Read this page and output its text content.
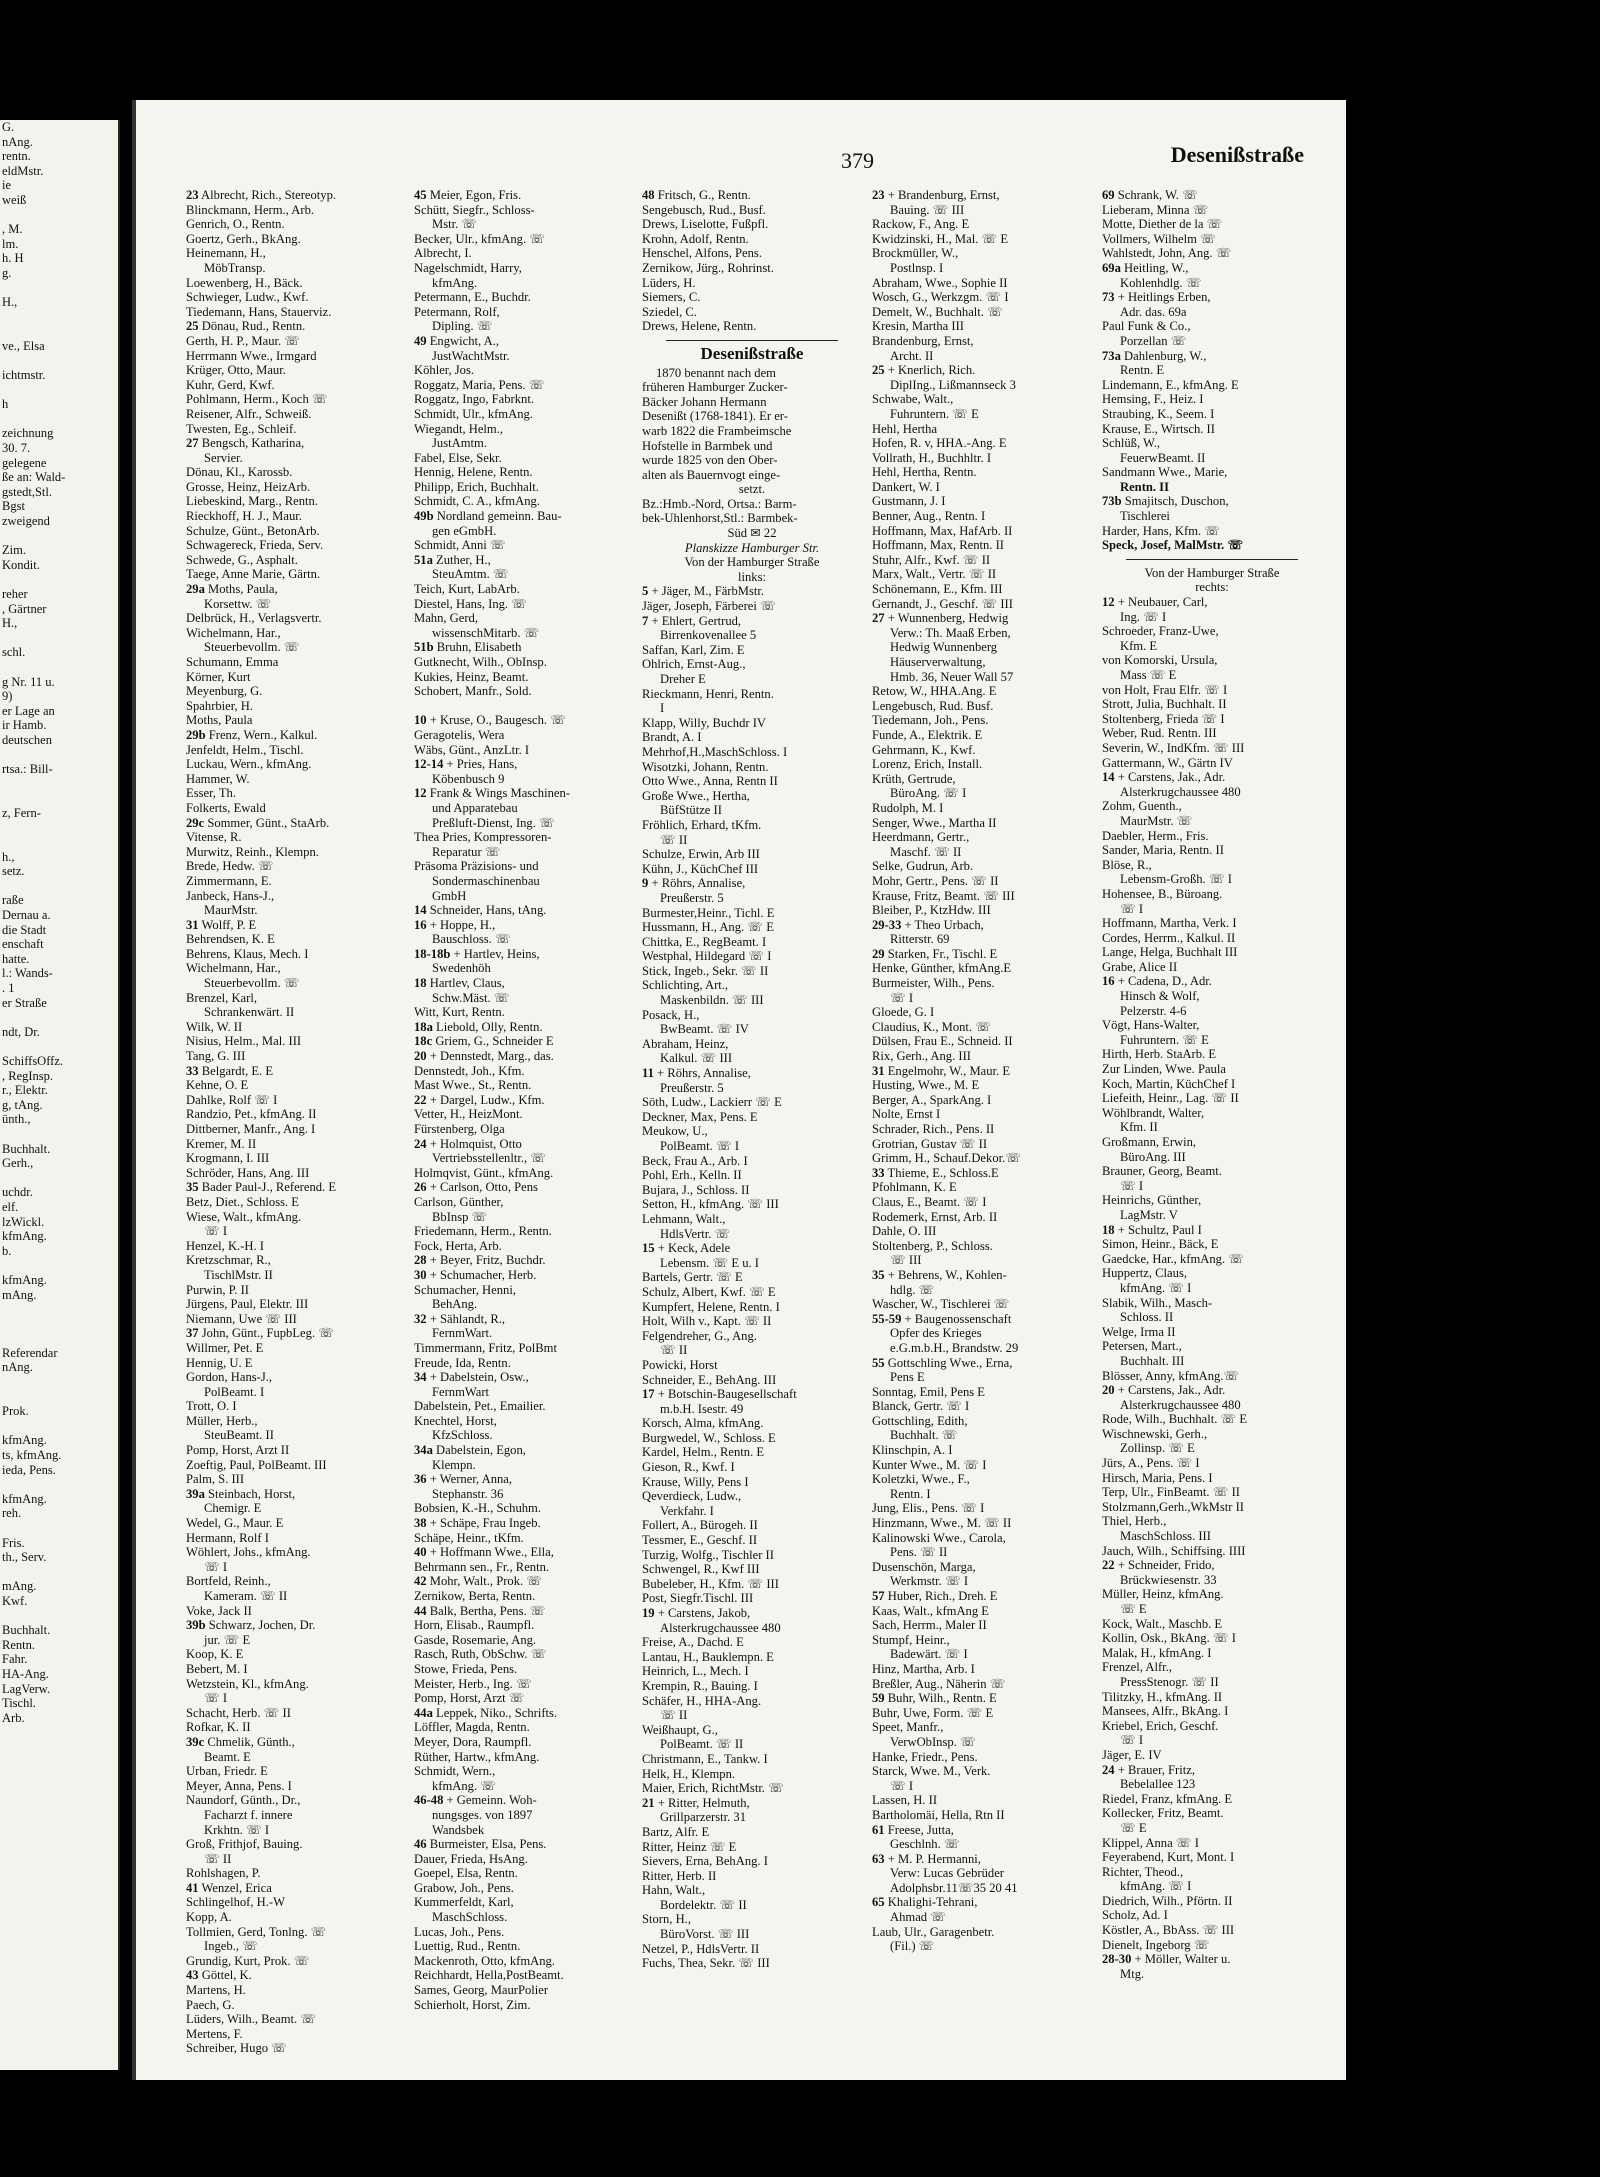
G.
nAng.
rentn.
eldMstr.
ie
weiß

, M.
lm.
h. H
g.

H.,

ve., Elsa

ichtmstr.

h

zeichnung
30. 7.
gelegene
ße an: Wald-
gstedt,Stl.
Bgst
zweigend

Zim.
Kondit.

reher
, Gärtner
H.,

schl.

g Nr. 11 u.
9)
er Lage an
ir Hamb.
deutschen

rtsa.: Bill-

z, Fern-

h.,
setz.

raße
Dernau a.
die Stadt
enschaft
hatte.
l.: Wands-
. 1
er Straße

ndt, Dr.

SchiffsOffz.
, RegInsp.
r., Elektr.
g, tAng.
ünth.,

Buchhalt.
Gerh.,

uchdr.
elf.
lzWickl.
kfmAng.
b.

kfmAng.
mAng.

Referendar
nAng.

Prok.

kfmAng.
ts, kfmAng.
ieda, Pens.

kfmAng.
reh.

Fris.
th., Serv.

mAng.
Kwf.

Buchhalt.
Rentn.
Fahr.
HA-Ang.
LagVerw.
Tischl.
Arb.
379	Desenißstraße
23 Albrecht, Rich., Stereotyp.
Blinckmann, Herm., Arb.
Genrich, O., Rentn.
Goertz, Gerh., BkAng.
Heinemann, H.,
MöbTransp.
Loewenberg, H., Bäck.
Schwieger, Ludw., Kwf.
Tiedemann, Hans, Stauerviz.
25 Dönau, Rud., Rentn.
Gerth, H. P., Maur. ☏
Herrmann Wwe., Irmgard
Krüger, Otto, Maur.
Kuhr, Gerd, Kwf.
Pohlmann, Herm., Koch ☏
Reisener, Alfr., Schweiß.
Twesten, Eg., Schleif.
27 Bengsch, Katharina,
Servier.
Dönau, Kl., Karossb.
Grosse, Heinz, HeizArb.
Liebeskind, Marg., Rentn.
Rieckhoff, H. J., Maur.
Schulze, Günt., BetonArb.
Schwagereck, Frieda, Serv.
Schwede, G., Asphalt.
Taege, Anne Marie, Gärtn.
29a Moths, Paula,
Korsettw. ☏
Delbrück, H., Verlagsvertr.
Wichelmann, Har.,
Steuerbevollm. ☏
Schumann, Emma
Körner, Kurt
Meyenburg, G.
Spahrbier, H.
Moths, Paula
29b Frenz, Wern., Kalkul.
Jenfeldt, Helm., Tischl.
Luckau, Wern., kfmAng.
Hammer, W.
Esser, Th.
Folkerts, Ewald
29c Sommer, Günt., StaArb.
Vitense, R.
Murwitz, Reinh., Klempn.
Brede, Hedw. ☏
Zimmermann, E.
Janbeck, Hans-J.,
MaurMstr.
31 Wolff, P. E
Behrendsen, K. E
Behrens, Klaus, Mech. I
Wichelmann, Har.,
Steuerbevollm. ☏
Brenzel, Karl,
Schrankenwärt. II
Wilk, W. II
Nisius, Helm., Mal. III
Tang, G. III
33 Belgardt, E. E
Kehne, O. E
Dahlke, Rolf ☏ I
Randzio, Pet., kfmAng. II
Dittberner, Manfr., Ang. I
Kremer, M. II
Krogmann, I. III
Schröder, Hans, Ang. III
35 Bader Paul-J., Referend. E
Betz, Diet., Schloss. E
Wiese, Walt., kfmAng.
☏ I
Henzel, K.-H. I
Kretzschmar, R.,
TischlMstr. II
Purwin, P. II
Jürgens, Paul, Elektr. III
Niemann, Uwe ☏ III
37 John, Günt., FupbLeg. ☏
Willmer, Pet. E
Hennig, U. E
Gordon, Hans-J.,
PolBeamt. I
Trott, O. I
Müller, Herb.,
SteuBeamt. II
Pomp, Horst, Arzt II
Zoeftig, Paul, PolBeamt. III
Palm, S. III
39a Steinbach, Horst,
Chemigr. E
Wedel, G., Maur. E
Hermann, Rolf I
Wöhlert, Johs., kfmAng.
☏ I
Bortfeld, Reinh.,
Kameram. ☏ II
Voke, Jack II
39b Schwarz, Jochen, Dr.
jur. ☏ E
Koop, K. E
Bebert, M. I
Wetzstein, Kl., kfmAng.
☏ I
Schacht, Herb. ☏ II
Rofkar, K. II
39c Chmelik, Günth.,
Beamt. E
Urban, Friedr. E
Meyer, Anna, Pens. I
Naundorf, Günth., Dr.,
Facharzt f. innere
Krkhtn. ☏ I
Groß, Frithjof, Bauing.
☏ II
Rohlshagen, P.
41 Wenzel, Erica
Schlingelhof, H.-W
Kopp, A.
Tollmien, Gerd, Tonlng. ☏
Ingeb., ☏
Grundig, Kurt, Prok. ☏
43 Göttel, K.
Martens, H.
Paech, G.
Lüders, Wilh., Beamt. ☏
Mertens, F.
Schreiber, Hugo ☏
45 Meier, Egon, Fris.
Schütt, Siegfr., Schloss-
Mstr. ☏
Becker, Ulr., kfmAng. ☏
Albrecht, I.
Nagelschmidt, Harry,
kfmAng.
Petermann, E., Buchdr.
Petermann, Rolf,
Dipling. ☏
49 Engwicht, A.,
JustWachtMstr.
Köhler, Jos.
Roggatz, Maria, Pens. ☏
Roggatz, Ingo, Fabrknt.
Schmidt, Ulr., kfmAng.
Wiegandt, Helm.,
JustAmtm.
Fabel, Else, Sekr.
Hennig, Helene, Rentn.
Philipp, Erich, Buchhalt.
Schmidt, C. A., kfmAng.
49b Nordland gemeinn. Bau-
gen eGmbH.
Schmidt, Anni ☏
51a Zuther, H.,
SteuAmtm. ☏
Teich, Kurt, LabArb.
Diestel, Hans, Ing. ☏
Mahn, Gerd,
wissenschMitarb. ☏
51b Bruhn, Elisabeth
Gutknecht, Wilh., ObInsp.
Kukies, Heinz, Beamt.
Schobert, Manfr., Sold.

10 + Kruse, O., Baugesch. ☏
Geragotelis, Wera
Wäbs, Günt., AnzLtr. I
12-14 + Pries, Hans,
Köbenbusch 9
12 Frank & Wings Maschinen-
und Apparatebau
Preßluft-Dienst, Ing. ☏
Thea Pries, Kompressoren-
Reparatur ☏
Präsoma Präzisions- und
Sondermaschinenbau
GmbH
14 Schneider, Hans, tAng.
16 + Hoppe, H.,
Bauschloss. ☏
18-18b + Hartlev, Heins,
Swedenhöh
18 Hartlev, Claus,
Schw.Mäst. ☏
Witt, Kurt, Rentn.
18a Liebold, Olly, Rentn.
18c Griem, G., Schneider E
20 + Dennstedt, Marg., das.
Dennstedt, Joh., Kfm.
Mast Wwe., St., Rentn.
22 + Dargel, Ludw., Kfm.
Vetter, H., HeizMont.
Fürstenberg, Olga
24 + Holmquist, Otto
Vertriebsstellenltr., ☏
Holmqvist, Günt., kfmAng.
26 + Carlson, Otto, Pens
Carlson, Günther,
BbInsp ☏
Friedemann, Herm., Rentn.
Fock, Herta, Arb.
28 + Beyer, Fritz, Buchdr.
30 + Schumacher, Herb.
Schumacher, Henni,
BehAng.
32 + Sählandt, R.,
FernmWart.
Timmermann, Fritz, PolBmt
Freude, Ida, Rentn.
34 + Dabelstein, Osw.,
FernmWart
Dabelstein, Pet., Emailier.
Knechtel, Horst,
KfzSchloss.
34a Dabelstein, Egon,
Klempn.
36 + Werner, Anna,
Stephanstr. 36
Bobsien, K.-H., Schuhm.
38 + Schäpe, Frau Ingeb.
Schäpe, Heinr., tKfm.
40 + Hoffmann Wwe., Ella,
Behrmann sen., Fr., Rentn.
42 Mohr, Walt., Prok. ☏
Zernikow, Berta, Rentn.
44 Balk, Bertha, Pens. ☏
Horn, Elisab., Raumpfl.
Gasde, Rosemarie, Ang.
Rasch, Ruth, ObSchw. ☏
Stowe, Frieda, Pens.
Meister, Herb., Ing. ☏
Pomp, Horst, Arzt ☏
44a Leppek, Niko., Schrifts.
Löffler, Magda, Rentn.
Meyer, Dora, Raumpfl.
Rüther, Hartw., kfmAng.
Schmidt, Wern.,
kfmAng. ☏
46-48 + Gemeinn. Woh-
nungsges. von 1897
Wandsbek
46 Burmeister, Elsa, Pens.
Dauer, Frieda, HsAng.
Goepel, Elsa, Rentn.
Grabow, Joh., Pens.
Kummerfeldt, Karl,
MaschSchloss.
Lucas, Joh., Pens.
Luettig, Rud., Rentn.
Mackenroth, Otto, kfmAng.
Reichhardt, Hella,PostBeamt.
Sames, Georg, MaurPolier
Schierholt, Horst, Zim.
48 Fritsch, G., Rentn.
Sengebusch, Rud., Busf.
Drews, Liselotte, Fußpfl.
Krohn, Adolf, Rentn.
Henschel, Alfons, Pens.
Zernikow, Jürg., Rohrinst.
Lüders, H.
Siemers, C.
Sziedel, C.
Drews, Helene, Rentn.
Desenißstraße
1870 benannt nach dem
früheren Hamburger Zucker-
Bäcker Johann Hermann
Desenißt (1768-1841). Er er-
warb 1822 die Frambeimsche
Hofstelle in Barmbek und
wurde 1825 von den Ober-
alten als Bauernvogt einge-
setzt.
Bz.:Hmb.-Nord, Ortsa.: Barm-
bek-Uhlenhorst,Stl.: Barmbek-
Süd ✉ 22
Planskizze Hamburger Str.
Von der Hamburger Straße
links:
5 + Jäger, M., FärbMstr.
Jäger, Joseph, Färberei ☏
7 + Ehlert, Gertrud,
Birrenkovenallee 5
Saffan, Karl, Zim. E
Ohlrich, Ernst-Aug.,
Dreher E
Rieckmann, Henri, Rentn.
I
Klapp, Willy, Buchdr IV
Brandt, A. I
Mehrhof,H.,MaschSchloss. I
Wisotzki, Johann, Rentn.
Otto Wwe., Anna, Rentn II
Große Wwe., Hertha,
BüfStütze II
Fröhlich, Erhard, tKfm.
☏ II
Schulze, Erwin, Arb III
Kühn, J., KüchChef III
9 + Röhrs, Annalise,
Preußerstr. 5
Burmester,Heinr., Tichl. E
Hussmann, H., Ang. ☏ E
Chittka, E., RegBeamt. I
Westphal, Hildegard ☏ I
Stick, Ingeb., Sekr. ☏ II
Schlichting, Art.,
Maskenbildn. ☏ III
Posack, H.,
BwBeamt. ☏ IV
Abraham, Heinz,
Kalkul. ☏ III
11 + Röhrs, Annalise,
Preußerstr. 5
Söth, Ludw., Lackierr ☏ E
Deckner, Max, Pens. E
Meukow, U.,
PolBeamt. ☏ I
Beck, Frau A., Arb. I
Pohl, Erh., Kelln. II
Bujara, J., Schloss. II
Setton, H., kfmAng. ☏ III
Lehmann, Walt.,
HdlsVertr. ☏
15 + Keck, Adele
Lebensm. ☏ E u. I
Bartels, Gertr. ☏ E
Schulz, Albert, Kwf. ☏ E
Kumpfert, Helene, Rentn. I
Holt, Wilh v., Kapt. ☏ II
Felgendreher, G., Ang.
☏ II
Powicki, Horst
Schneider, E., BehAng. III
17 + Botschin-Baugesellschaft
m.b.H. Isestr. 49
Korsch, Alma, kfmAng.
Burgwedel, W., Schloss. E
Kardel, Helm., Rentn. E
Gieson, R., Kwf. I
Krause, Willy, Pens I
Qeverdieck, Ludw.,
Verkfahr. I
Follert, A., Bürogeh. II
Tessmer, E., Geschf. II
Turzig, Wolfg., Tischler II
Schwengel, R., Kwf III
Bubeleber, H., Kfm. ☏ III
Post, Siegfr.Tischl. III
19 + Carstens, Jakob,
Alsterkrugchaussee 480
Freise, A., Dachd. E
Lantau, H., Bauklempn. E
Heinrich, L., Mech. I
Krempin, R., Bauing. I
Schäfer, H., HHA-Ang.
☏ II
Weißhaupt, G.,
PolBeamt. ☏ II
Christmann, E., Tankw. I
Helk, H., Klempn.
Maier, Erich, RichtMstr. ☏
21 + Ritter, Helmuth,
Grillparzerstr. 31
Bartz, Alfr. E
Ritter, Heinz ☏ E
Sievers, Erna, BehAng. I
Ritter, Herb. II
Hahn, Walt.,
Bordelektr. ☏ II
Storn, H.,
BüroVorst. ☏ III
Netzel, P., HdlsVertr. II
Fuchs, Thea, Sekr. ☏ III
23 + Brandenburg, Ernst,
Bauing. ☏ III
Rackow, F., Ang. E
Kwidzinski, H., Mal. ☏ E
Brockmüller, W.,
Postlnsp. I
Abraham, Wwe., Sophie II
Wosch, G., Werkzgm. ☏ I
Demelt, W., Buchhalt. ☏
Kresin, Martha III
Brandenburg, Ernst,
Archt. II
25 + Knerlich, Rich.
DiplIng., Lißmannseck 3
Schwabe, Walt.,
Fuhruntern. ☏ E
Hehl, Hertha
Hofen, R. v, HHA.-Ang. E
Vollrath, H., Buchhltr. I
Hehl, Hertha, Rentn.
Dankert, W. I
Gustmann, J. I
Benner, Aug., Rentn. I
Hoffmann, Max, HafArb. II
Hoffmann, Max, Rentn. II
Stuhr, Alfr., Kwf. ☏ II
Marx, Walt., Vertr. ☏ II
Schönemann, E., Kfm. III
Gernandt, J., Geschf. ☏ III
27 + Wunnenberg, Hedwig
Verw.: Th. Maaß Erben,
Hedwig Wunnenberg
Häuserverwaltung,
Hmb. 36, Neuer Wall 57
Retow, W., HHA.Ang. E
Lengebusch, Rud. Busf.
Tiedemann, Joh., Pens.
Funde, A., Elektrik. E
Gehrmann, K., Kwf.
Lorenz, Erich, Install.
Krüth, Gertrude,
BüroAng. ☏ I
Rudolph, M. I
Senger, Wwe., Martha II
Heerdmann, Gertr.,
Maschf. ☏ II
Selke, Gudrun, Arb.
Mohr, Gertr., Pens. ☏ II
Krause, Fritz, Beamt. ☏ III
Bleiber, P., KtzHdw. III
29-33 + Theo Urbach,
Ritterstr. 69
29 Starken, Fr., Tischl. E
Henke, Günther, kfmAng.E
Burmeister, Wilh., Pens.
☏ I
Gloede, G. I
Claudius, K., Mont. ☏
Dülsen, Frau E., Schneid. II
Rix, Gerh., Ang. III
31 Engelmohr, W., Maur. E
Husting, Wwe., M. E
Berger, A., SparkAng. I
Nolte, Ernst I
Schrader, Rich., Pens. II
Grotrian, Gustav ☏ II
Grimm, H., Schauf.Dekor.☏
33 Thieme, E., Schloss.E
Pfohlmann, K. E
Claus, E., Beamt. ☏ I
Rodemerk, Ernst, Arb. II
Dahle, O. III
Stoltenberg, P., Schloss.
☏ III
35 + Behrens, W., Kohlen-
hdlg. ☏
Wascher, W., Tischlerei ☏
55-59 + Baugenossenschaft
Opfer des Krieges
e.G.m.b.H., Brandstw. 29
55 Gottschling Wwe., Erna,
Pens E
Sonntag, Emil, Pens E
Blanck, Gertr. ☏ I
Gottschling, Edith,
Buchhalt. ☏
Klinschpin, A. I
Kunter Wwe., M. ☏ I
Koletzki, Wwe., F.,
Rentn. I
Jung, Elis., Pens. ☏ I
Hinzmann, Wwe., M. ☏ II
Kalinowski Wwe., Carola,
Pens. ☏ II
Dusenschön, Marga,
Werkmstr. ☏ I
57 Huber, Rich., Dreh. E
Kaas, Walt., kfmAng E
Sach, Herrm., Maler II
Stumpf, Heinr.,
Badewärt. ☏ I
Hinz, Martha, Arb. I
Breßler, Aug., Näherin ☏
59 Buhr, Wilh., Rentn. E
Buhr, Uwe, Form. ☏ E
Speet, Manfr.,
VerwObInsp. ☏
Hanke, Friedr., Pens.
Starck, Wwe. M., Verk.
☏ I
Lassen, H. II
Bartholomäi, Hella, Rtn II
61 Freese, Jutta,
Geschlnh. ☏
63 + M. P. Hermanni,
Verw: Lucas Gebrüder
Adolphsbr.11☏35 20 41
65 Khalighi-Tehrani,
Ahmad ☏
Laub, Ulr., Garagenbetr.
(Fil.) ☏
69 Schrank, W. ☏
Lieberam, Minna ☏
Motte, Diether de la ☏
Vollmers, Wilhelm ☏
Wahlstedt, John, Ang. ☏
69a Heitling, W.,
Kohlenhdlg. ☏
73 + Heitlings Erben,
Adr. das. 69a
Paul Funk & Co.,
Porzellan ☏
73a Dahlenburg, W.,
Rentn. E
Lindemann, E., kfmAng. E
Hemsing, F., Heiz. I
Straubing, K., Seem. I
Krause, E., Wirtsch. II
Schlüß, W.,
FeuerwBeamt. II
Sandmann Wwe., Marie,
Rentn. II
73b Smajitsch, Duschon,
Tischlerei
Harder, Hans, Kfm. ☏
Speck, Josef, MalMstr. ☏
Von der Hamburger Straße
rechts:
12 + Neubauer, Carl,
Ing. ☏ I
Schroeder, Franz-Uwe,
Kfm. E
von Komorski, Ursula,
Mass ☏ E
von Holt, Frau Elfr. ☏ I
Strott, Julia, Buchhalt. II
Stoltenberg, Frieda ☏ I
Weber, Rud. Rentn. III
Severin, W., IndKfm. ☏ III
Gattermann, W., Gärtn IV
14 + Carstens, Jak., Adr.
Alsterkrugchaussee 480
Zohm, Guenth.,
MaurMstr. ☏
Daebler, Herm., Fris.
Sander, Maria, Rentn. II
Blöse, R.,
Lebensm-Großh. ☏ I
Hohensee, B., Büroang.
☏ I
Hoffmann, Martha, Verk. I
Cordes, Herrm., Kalkul. II
Lange, Helga, Buchhalt III
Grabe, Alice II
16 + Cadena, D., Adr.
Hinsch & Wolf,
Pelzerstr. 4-6
Vögt, Hans-Walter,
Fuhruntern. ☏ E
Hirth, Herb. StaArb. E
Zur Linden, Wwe. Paula
Koch, Martin, KüchChef I
Liefeith, Heinr., Lag. ☏ II
Wöhlbrandt, Walter,
Kfm. II
Großmann, Erwin,
BüroAng. III
Brauner, Georg, Beamt.
☏ I
Heinrichs, Günther,
LagMstr. V
18 + Schultz, Paul I
Simon, Heinr., Bäck, E
Gaedcke, Har., kfmAng. ☏
Huppertz, Claus,
kfmAng. ☏ I
Slabik, Wilh., Masch-
Schloss. II
Welge, Irma II
Petersen, Mart.,
Buchhalt. III
Blösser, Anny, kfmAng.☏
20 + Carstens, Jak., Adr.
Alsterkrugchaussee 480
Rode, Wilh., Buchhalt. ☏ E
Wischnewski, Gerh.,
Zollinsp. ☏ E
Jürs, A., Pens. ☏ I
Hirsch, Maria, Pens. I
Terp, Ulr., FinBeamt. ☏ II
Stolzmann,Gerh.,WkMstr II
Thiel, Herb.,
MaschSchloss. III
Jauch, Wilh., Schiffsing. IIII
22 + Schneider, Frido,
Brückwiesenstr. 33
Müller, Heinz, kfmAng.
☏ E
Kock, Walt., Maschb. E
Kollin, Osk., BkAng. ☏ I
Malak, H., kfmAng. I
Frenzel, Alfr.,
PressStenogr. ☏ II
Tilitzky, H., kfmAng. II
Mansees, Alfr., BkAng. I
Kriebel, Erich, Geschf.
☏ I
Jäger, E. IV
24 + Brauer, Fritz,
Bebelallee 123
Riedel, Franz, kfmAng. E
Kollecker, Fritz, Beamt.
☏ E
Klippel, Anna ☏ I
Feyerabend, Kurt, Mont. I
Richter, Theod.,
kfmAng. ☏ I
Diedrich, Wilh., Pförtn. II
Scholz, Ad. I
Köstler, A., BbAss. ☏ III
Dienelt, Ingeborg ☏
28-30 + Möller, Walter u.
Mtg.
